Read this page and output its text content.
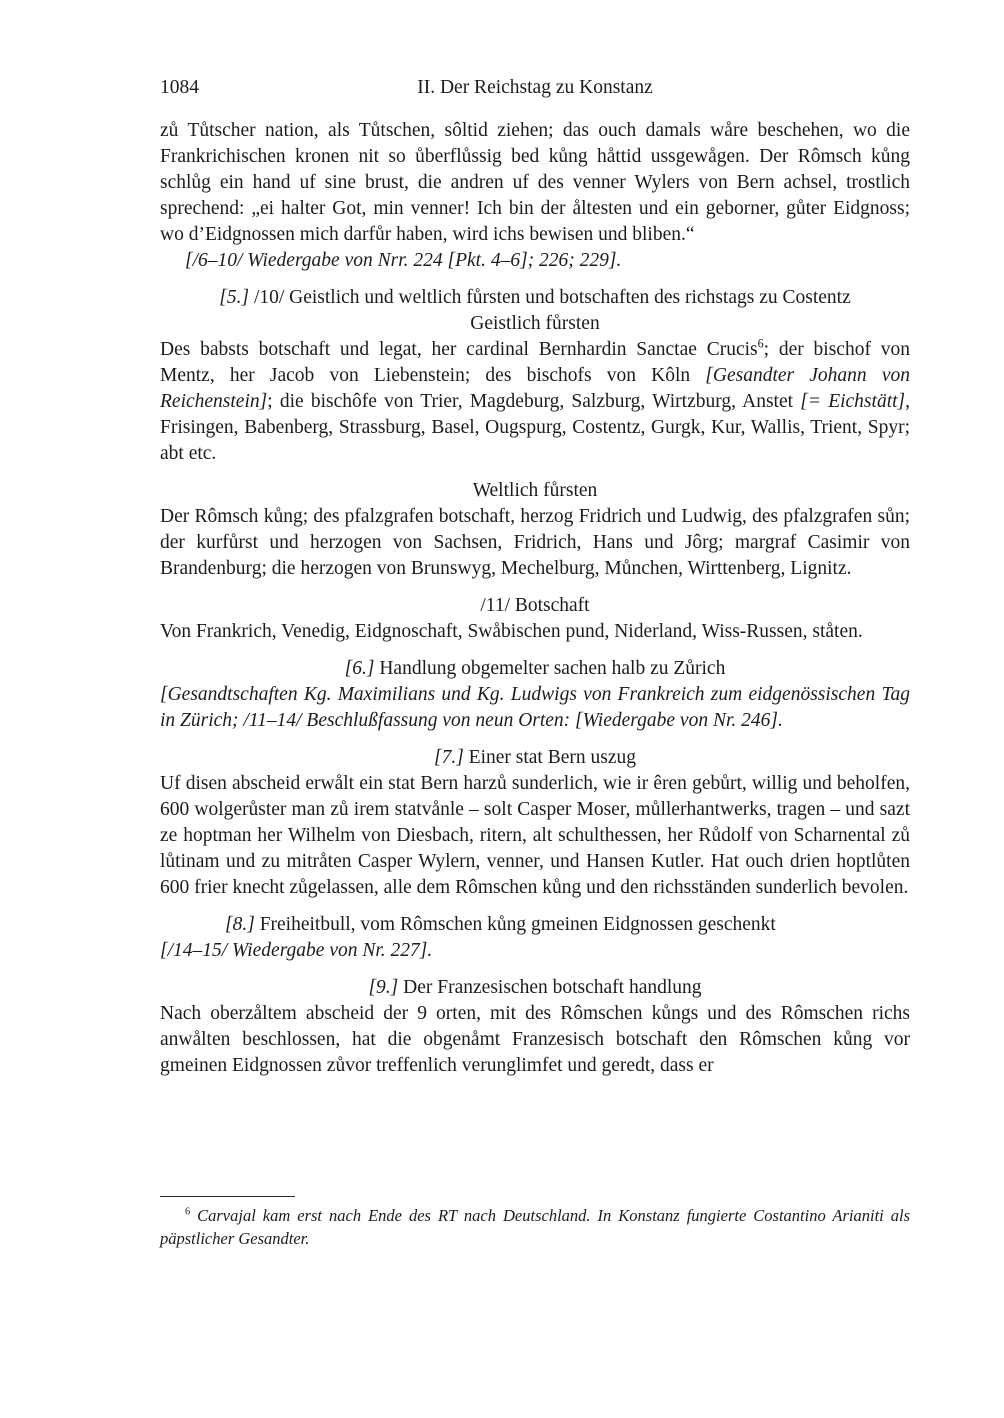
1084	II. Der Reichstag zu Konstanz

zů Tůtscher nation, als Tůtschen, sôltid ziehen; das ouch damals wåre beschehen, wo die Frankrichischen kronen nit so ůberflůssig bed kůng håttid ussgewågen. Der Rômsch kůng schlůg ein hand uf sine brust, die andren uf des venner Wylers von Bern achsel, trostlich sprechend: „ei halter Got, min venner! Ich bin der åltesten und ein geborner, gůter Eidgnoss; wo d’Eidgnossen mich darfůr haben, wird ichs bewisen und bliben.“

[/6–10/ Wiedergabe von Nrr. 224 [Pkt. 4–6]; 226; 229].

[5.] /10/ Geistlich und weltlich fůrsten und botschaften des richstags zu Costentz

Geistlich fůrsten

Des babsts botschaft und legat, her cardinal Bernhardin Sanctae Crucis$^6$; der bischof von Mentz, her Jacob von Liebenstein; des bischofs von Kôln [Gesandter Johann von Reichenstein]; die bischôfe von Trier, Magdeburg, Salzburg, Wirtzburg, Anstet [= Eichstätt], Frisingen, Babenberg, Strassburg, Basel, Ougspurg, Costentz, Gurgk, Kur, Wallis, Trient, Spyr; abt etc.

Weltlich fůrsten

Der Rômsch kůng; des pfalzgrafen botschaft, herzog Fridrich und Ludwig, des pfalzgrafen sůn; der kurfůrst und herzogen von Sachsen, Fridrich, Hans und Jôrg; margraf Casimir von Brandenburg; die herzogen von Brunswyg, Mechelburg, Můnchen, Wirttenberg, Lignitz.

/11/ Botschaft

Von Frankrich, Venedig, Eidgnoschaft, Swåbischen pund, Niderland, Wiss-Russen, ståten.

[6.] Handlung obgemelter sachen halb zu Zůrich

[Gesandtschaften Kg. Maximilians und Kg. Ludwigs von Frankreich zum eidgenössischen Tag in Zürich; /11–14/ Beschlußfassung von neun Orten: [Wiedergabe von Nr. 246].

[7.] Einer stat Bern uszug

Uf disen abscheid erwålt ein stat Bern harzů sunderlich, wie ir êren gebůrt, willig und beholfen, 600 wolgerůster man zů irem statvånle – solt Casper Moser, můllerhantwerks, tragen – und sazt ze hoptman her Wilhelm von Diesbach, ritern, alt schulthessen, her Růdolf von Scharnental zů lůtinam und zu mitråten Casper Wylern, venner, und Hansen Kutler. Hat ouch drien hoptlůten 600 frier knecht zůgelassen, alle dem Rômschen kůng und den richsständen sunderlich bevolen.

[8.] Freiheitbull, vom Rômschen kůng gmeinen Eidgnossen geschenkt

[/14–15/ Wiedergabe von Nr. 227].

[9.] Der Franzesischen botschaft handlung

Nach oberzåltem abscheid der 9 orten, mit des Rômschen kůngs und des Rômschen richs anwålten beschlossen, hat die obgenåmt Franzesisch botschaft den Rômschen kůng vor gmeinen Eidgnossen zůvor treffenlich verunglimfet und geredt, dass er

$^6$ Carvajal kam erst nach Ende des RT nach Deutschland. In Konstanz fungierte Costantino Arianiti als päpstlicher Gesandter.
